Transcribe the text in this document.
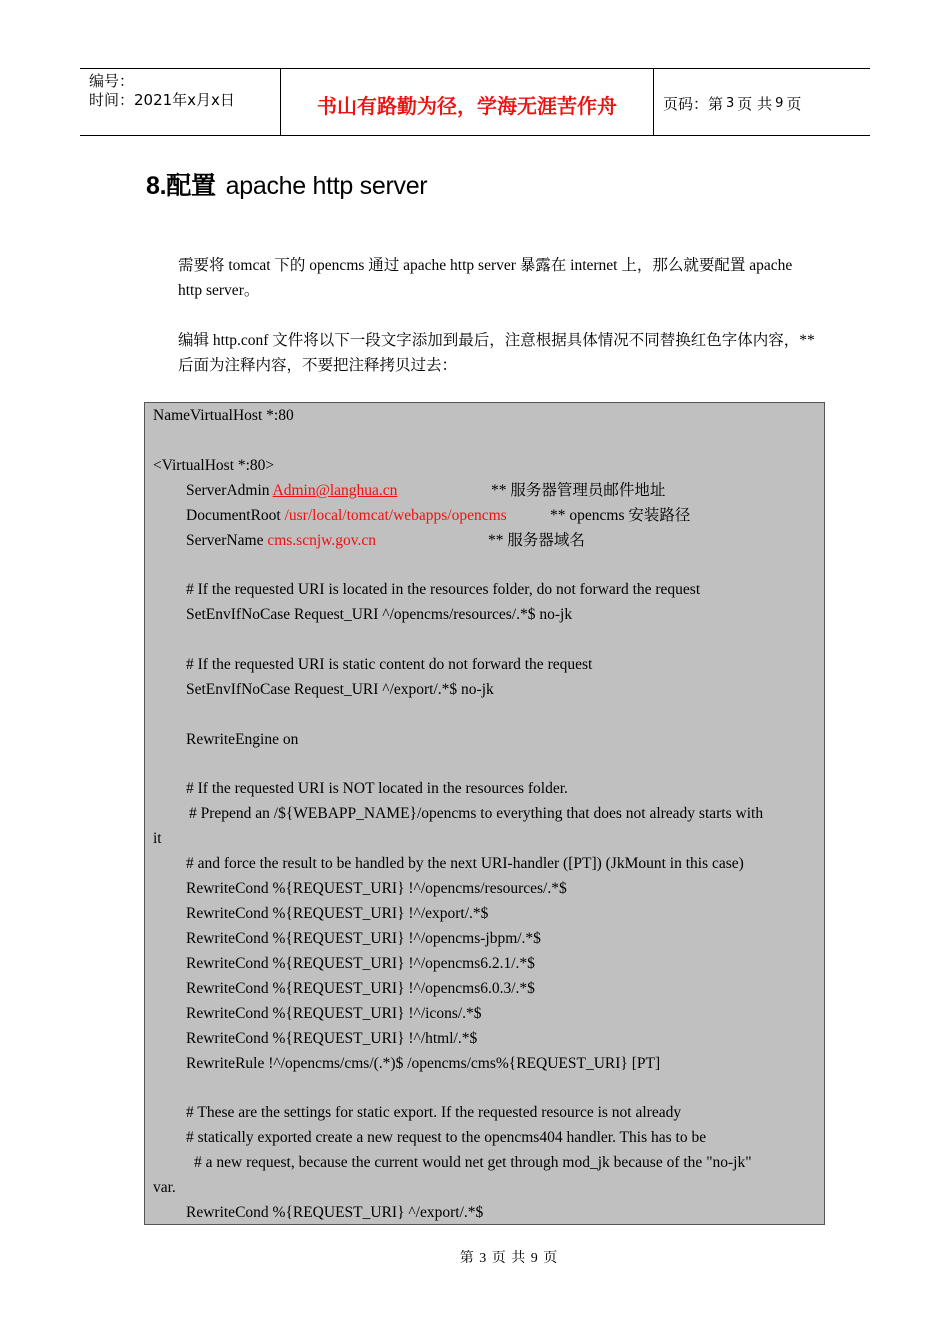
编号：
时间：2021年x月x日	书山有路勤为径，学海无涯苦作舟	页码：第 3 页 共 9 页
8.配置 apache http server
需要将 tomcat 下的 opencms 通过 apache http server 暴露在 internet 上，那么就要配置 apache http server。
编辑 http.conf 文件将以下一段文字添加到最后，注意根据具体情况不同替换红色字体内容，**后面为注释内容，不要把注释拷贝过去：
NameVirtualHost *:80
<VirtualHost *:80>
ServerAdmin Admin@langhua.cn	** 服务器管理员邮件地址
DocumentRoot /usr/local/tomcat/webapps/opencms	** opencms 安装路径
ServerName cms.scnjw.gov.cn	** 服务器域名
# If the requested URI is located in the resources folder, do not forward the request
SetEnvIfNoCase Request_URI ^/opencms/resources/.*$ no-jk
# If the requested URI is static content do not forward the request
SetEnvIfNoCase Request_URI ^/export/.*$ no-jk
RewriteEngine on
# If the requested URI is NOT located in the resources folder.
# Prepend an /${WEBAPP_NAME}/opencms to everything that does not already starts with
it
# and force the result to be handled by the next URI-handler ([PT]) (JkMount in this case)
RewriteCond %{REQUEST_URI} !^/opencms/resources/.*$
RewriteCond %{REQUEST_URI} !^/export/.*$
RewriteCond %{REQUEST_URI} !^/opencms-jbpm/.*$
RewriteCond %{REQUEST_URI} !^/opencms6.2.1/.*$
RewriteCond %{REQUEST_URI} !^/opencms6.0.3/.*$
RewriteCond %{REQUEST_URI} !^/icons/.*$
RewriteCond %{REQUEST_URI} !^/html/.*$
RewriteRule !^/opencms/cms/(.*)$ /opencms/cms%{REQUEST_URI} [PT]
# These are the settings for static export. If the requested resource is not already
# statically exported create a new request to the opencms404 handler. This has to be
# a new request, because the current would net get through mod_jk because of the "no-jk"
var.
RewriteCond %{REQUEST_URI} ^/export/.*$
第 3 页 共 9 页
